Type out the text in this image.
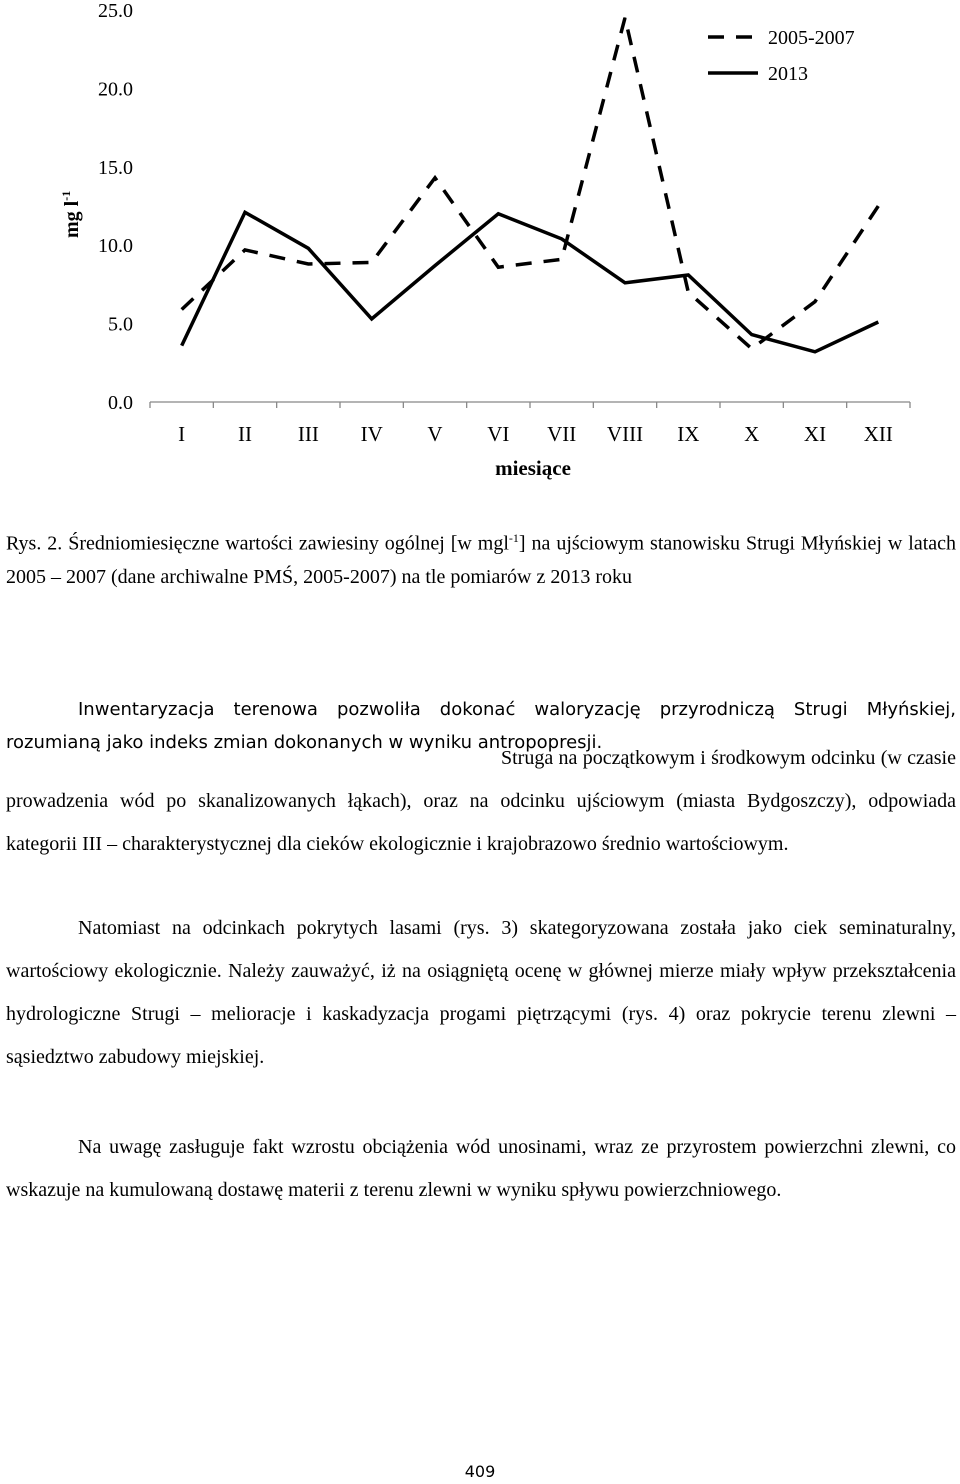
0.0
5.0
10.0
15.0
20.0
25.0
I	II III IV V VI VII VIII IX X XI XII
2005-2007
2013
mg $l^{-1}$
miesiące
Rys. 2. Średniomiesięczne wartości zawiesiny ogólnej [w mgl$^{-1}$] na ujściowym stanowisku Strugi Młyńskiej w latach 2005 – 2007 (dane archiwalne PMŚ, 2005-2007) na tle pomiarów z 2013 roku
Inwentaryzacja terenowa pozwoliła dokonać waloryzację przyrodniczą Strugi Młyńskiej, rozumianą jako indeks zmian dokonanych w wyniku antropopresji.
Struga na początkowym i środkowym odcinku (w czasie prowadzenia wód po skanalizowanych łąkach), oraz na odcinku ujściowym (miasta Bydgoszczy), odpowiada kategorii III – charakterystycznej dla cieków ekologicznie i krajobrazowo średnio wartościowym.
Natomiast na odcinkach pokrytych lasami (rys. 3) skategoryzowana została jako ciek seminaturalny, wartościowy ekologicznie. Należy zauważyć, iż na osiągniętą ocenę w głównej mierze miały wpływ przekształcenia hydrologiczne Strugi – melioracje i kaskadyzacja progami piętrzącymi (rys. 4) oraz pokrycie terenu zlewni – sąsiedztwo zabudowy miejskiej.
Na uwagę zasługuje fakt wzrostu obciążenia wód unosinami, wraz ze przyrostem powierzchni zlewni, co wskazuje na kumulowaną dostawę materii z terenu zlewni w wyniku spływu powierzchniowego.
409
